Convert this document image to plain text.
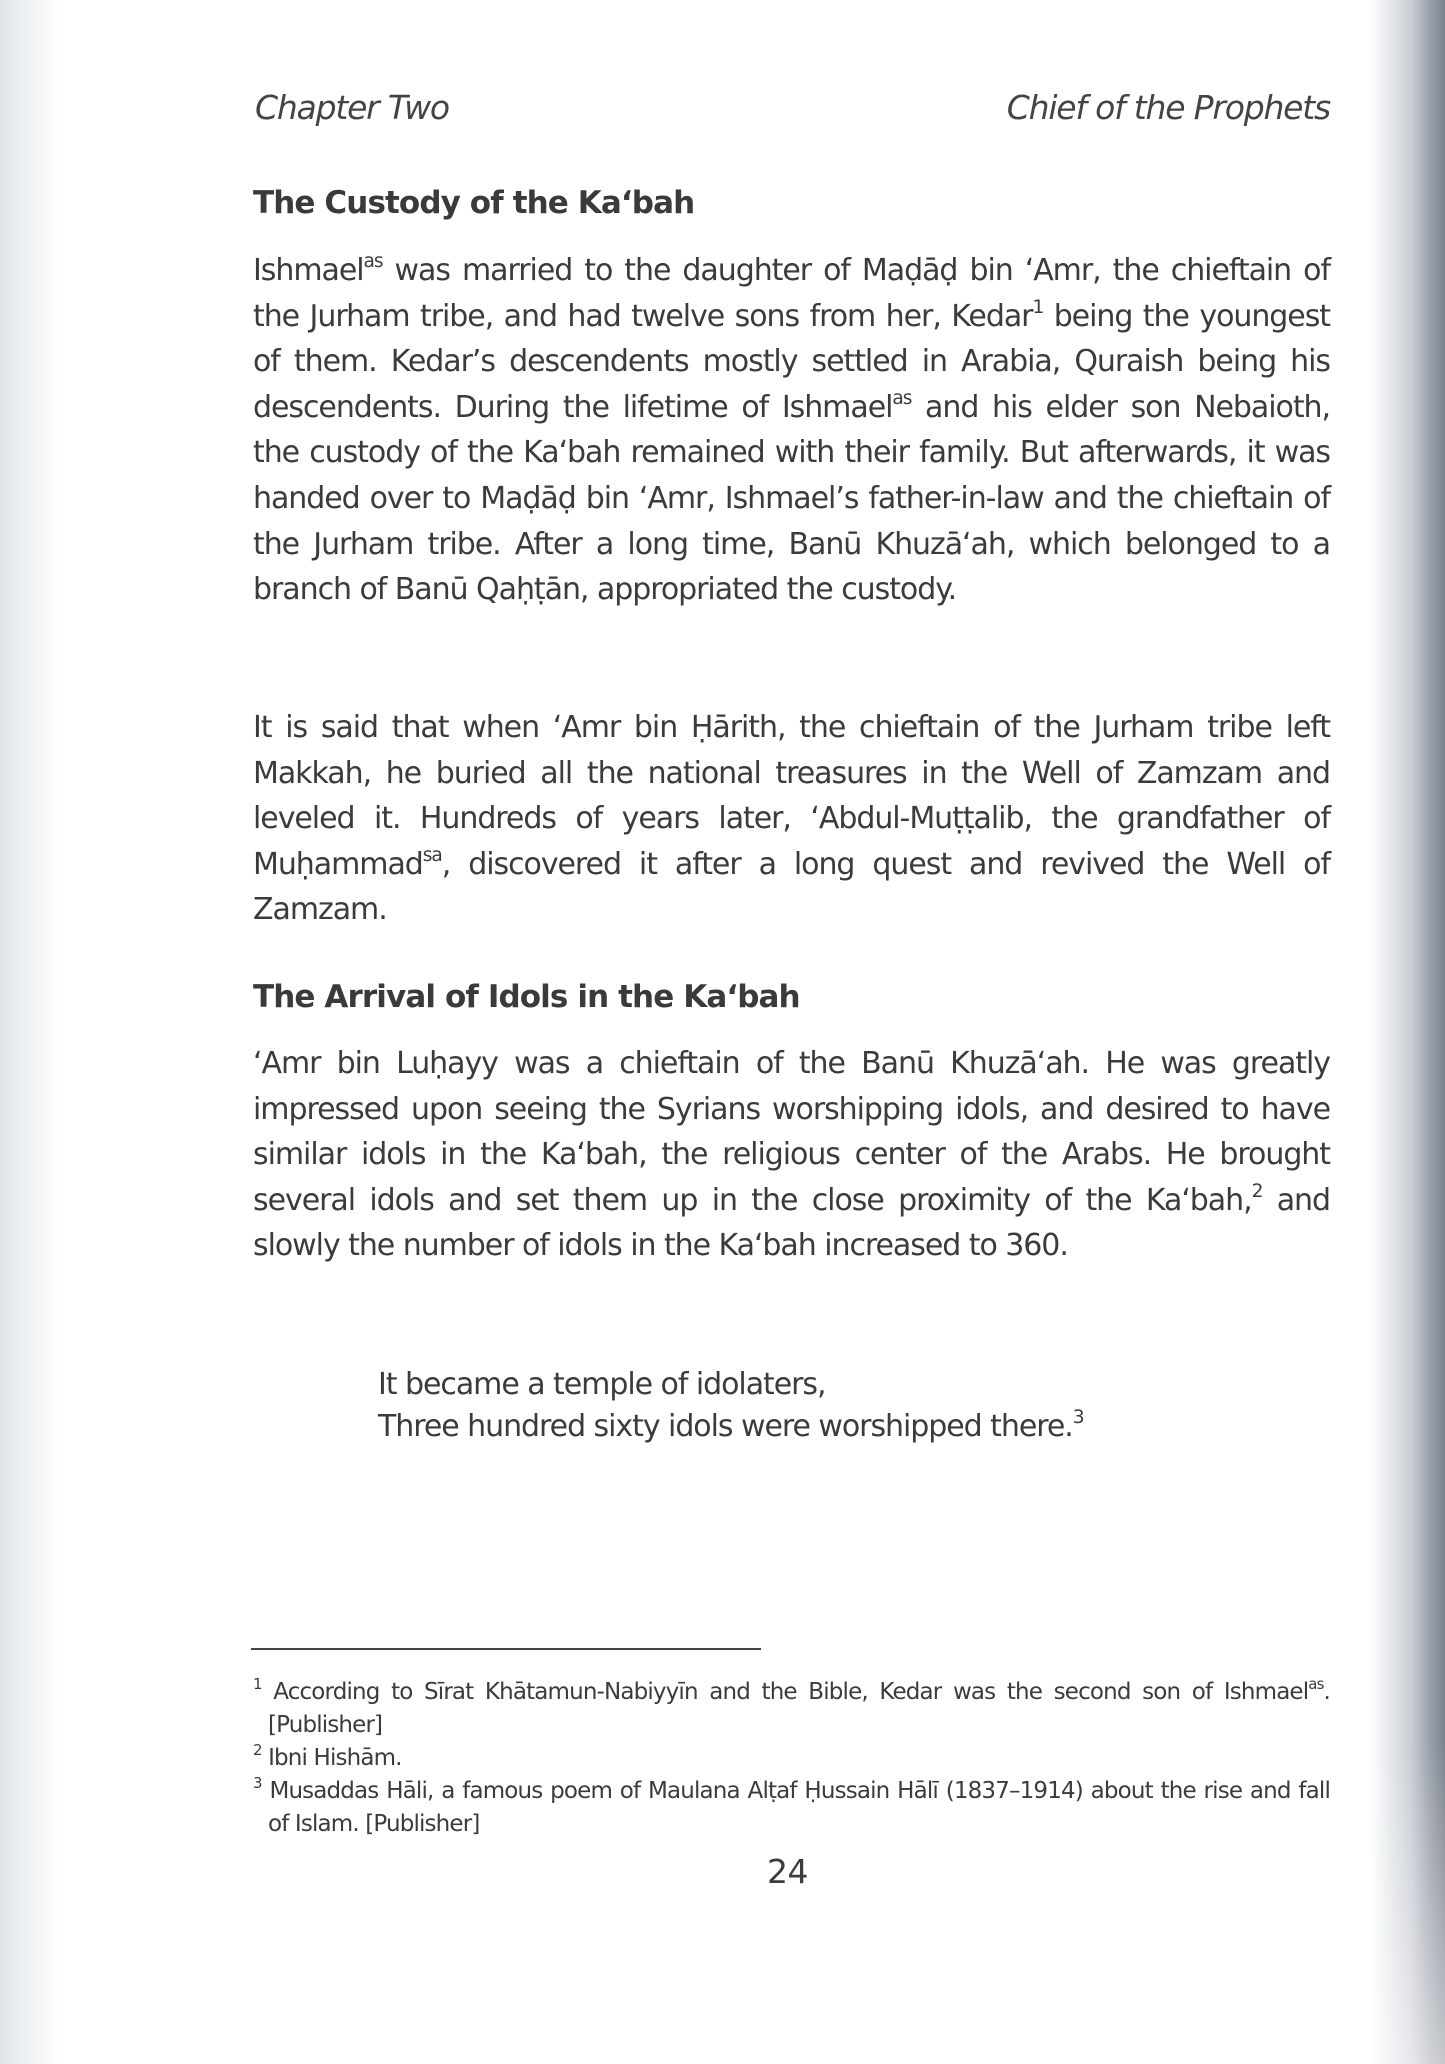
Chapter Two	Chief of the Prophets
The Custody of the Ka‘bah

Ishmael$^{as}$ was married to the daughter of Maḍāḍ bin ‘Amr, the chieftain of the Jurham tribe, and had twelve sons from her, Kedar$^1$ being the youngest of them. Kedar’s descendents mostly settled in Arabia, Quraish being his descendents. During the lifetime of Ishmael$^{as}$ and his elder son Nebaioth, the custody of the Ka‘bah remained with their family. But afterwards, it was handed over to Maḍāḍ bin ‘Amr, Ishmael’s father-in-law and the chieftain of the Jurham tribe. After a long time, Banū Khuzā‘ah, which belonged to a branch of Banū Qaḥṭān, appropriated the custody.

It is said that when ‘Amr bin Ḥārith, the chieftain of the Jurham tribe left Makkah, he buried all the national treasures in the Well of Zamzam and leveled it. Hundreds of years later, ‘Abdul-Muṭṭalib, the grandfather of Muḥammad$^{sa}$, discovered it after a long quest and revived the Well of Zamzam.

The Arrival of Idols in the Ka‘bah

‘Amr bin Luḥayy was a chieftain of the Banū Khuzā‘ah. He was greatly impressed upon seeing the Syrians worshipping idols, and desired to have similar idols in the Ka‘bah, the religious center of the Arabs. He brought several idols and set them up in the close proximity of the Ka‘bah,$^2$ and slowly the number of idols in the Ka‘bah increased to 360.

It became a temple of idolaters,
Three hundred sixty idols were worshipped there.$^3$
$^1$ According to Sīrat Khātamun-Nabiyyīn and the Bible, Kedar was the second son of Ishmael$^{as}$. [Publisher]
$^2$ Ibni Hishām.
$^3$ Musaddas Hāli, a famous poem of Maulana Alṭaf Ḥussain Hālī (1837–1914) about the rise and fall of Islam. [Publisher]
24
